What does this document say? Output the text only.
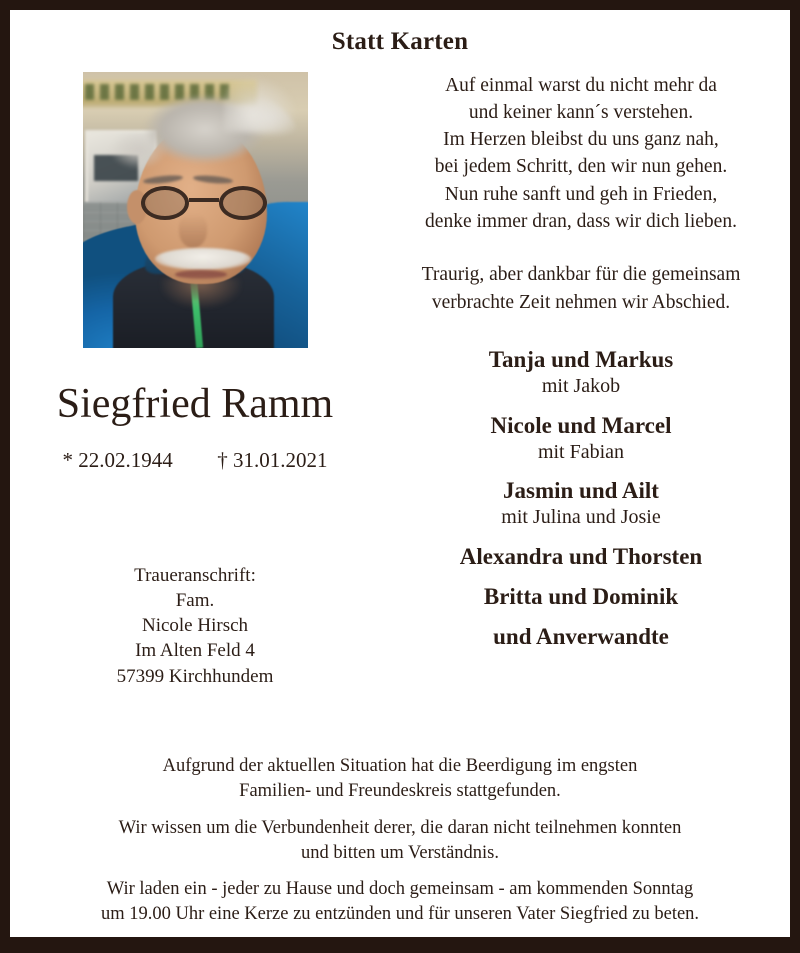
Statt Karten
Siegfried Ramm
* 22.02.1944 † 31.01.2021
Traueranschrift:
Fam.
Nicole Hirsch
Im Alten Feld 4
57399 Kirchhundem
Auf einmal warst du nicht mehr da
und keiner kann´s verstehen.
Im Herzen bleibst du uns ganz nah,
bei jedem Schritt, den wir nun gehen.
Nun ruhe sanft und geh in Frieden,
denke immer dran, dass wir dich lieben.
Traurig, aber dankbar für die gemeinsam
verbrachte Zeit nehmen wir Abschied.
Tanja und Markus
mit Jakob
Nicole und Marcel
mit Fabian
Jasmin und Ailt
mit Julina und Josie
Alexandra und Thorsten
Britta und Dominik
und Anverwandte

Aufgrund der aktuellen Situation hat die Beerdigung im engsten
Familien- und Freundeskreis stattgefunden.

Wir wissen um die Verbundenheit derer, die daran nicht teilnehmen konnten
und bitten um Verständnis.

Wir laden ein - jeder zu Hause und doch gemeinsam - am kommenden Sonntag
um 19.00 Uhr eine Kerze zu entzünden und für unseren Vater Siegfried zu beten.
